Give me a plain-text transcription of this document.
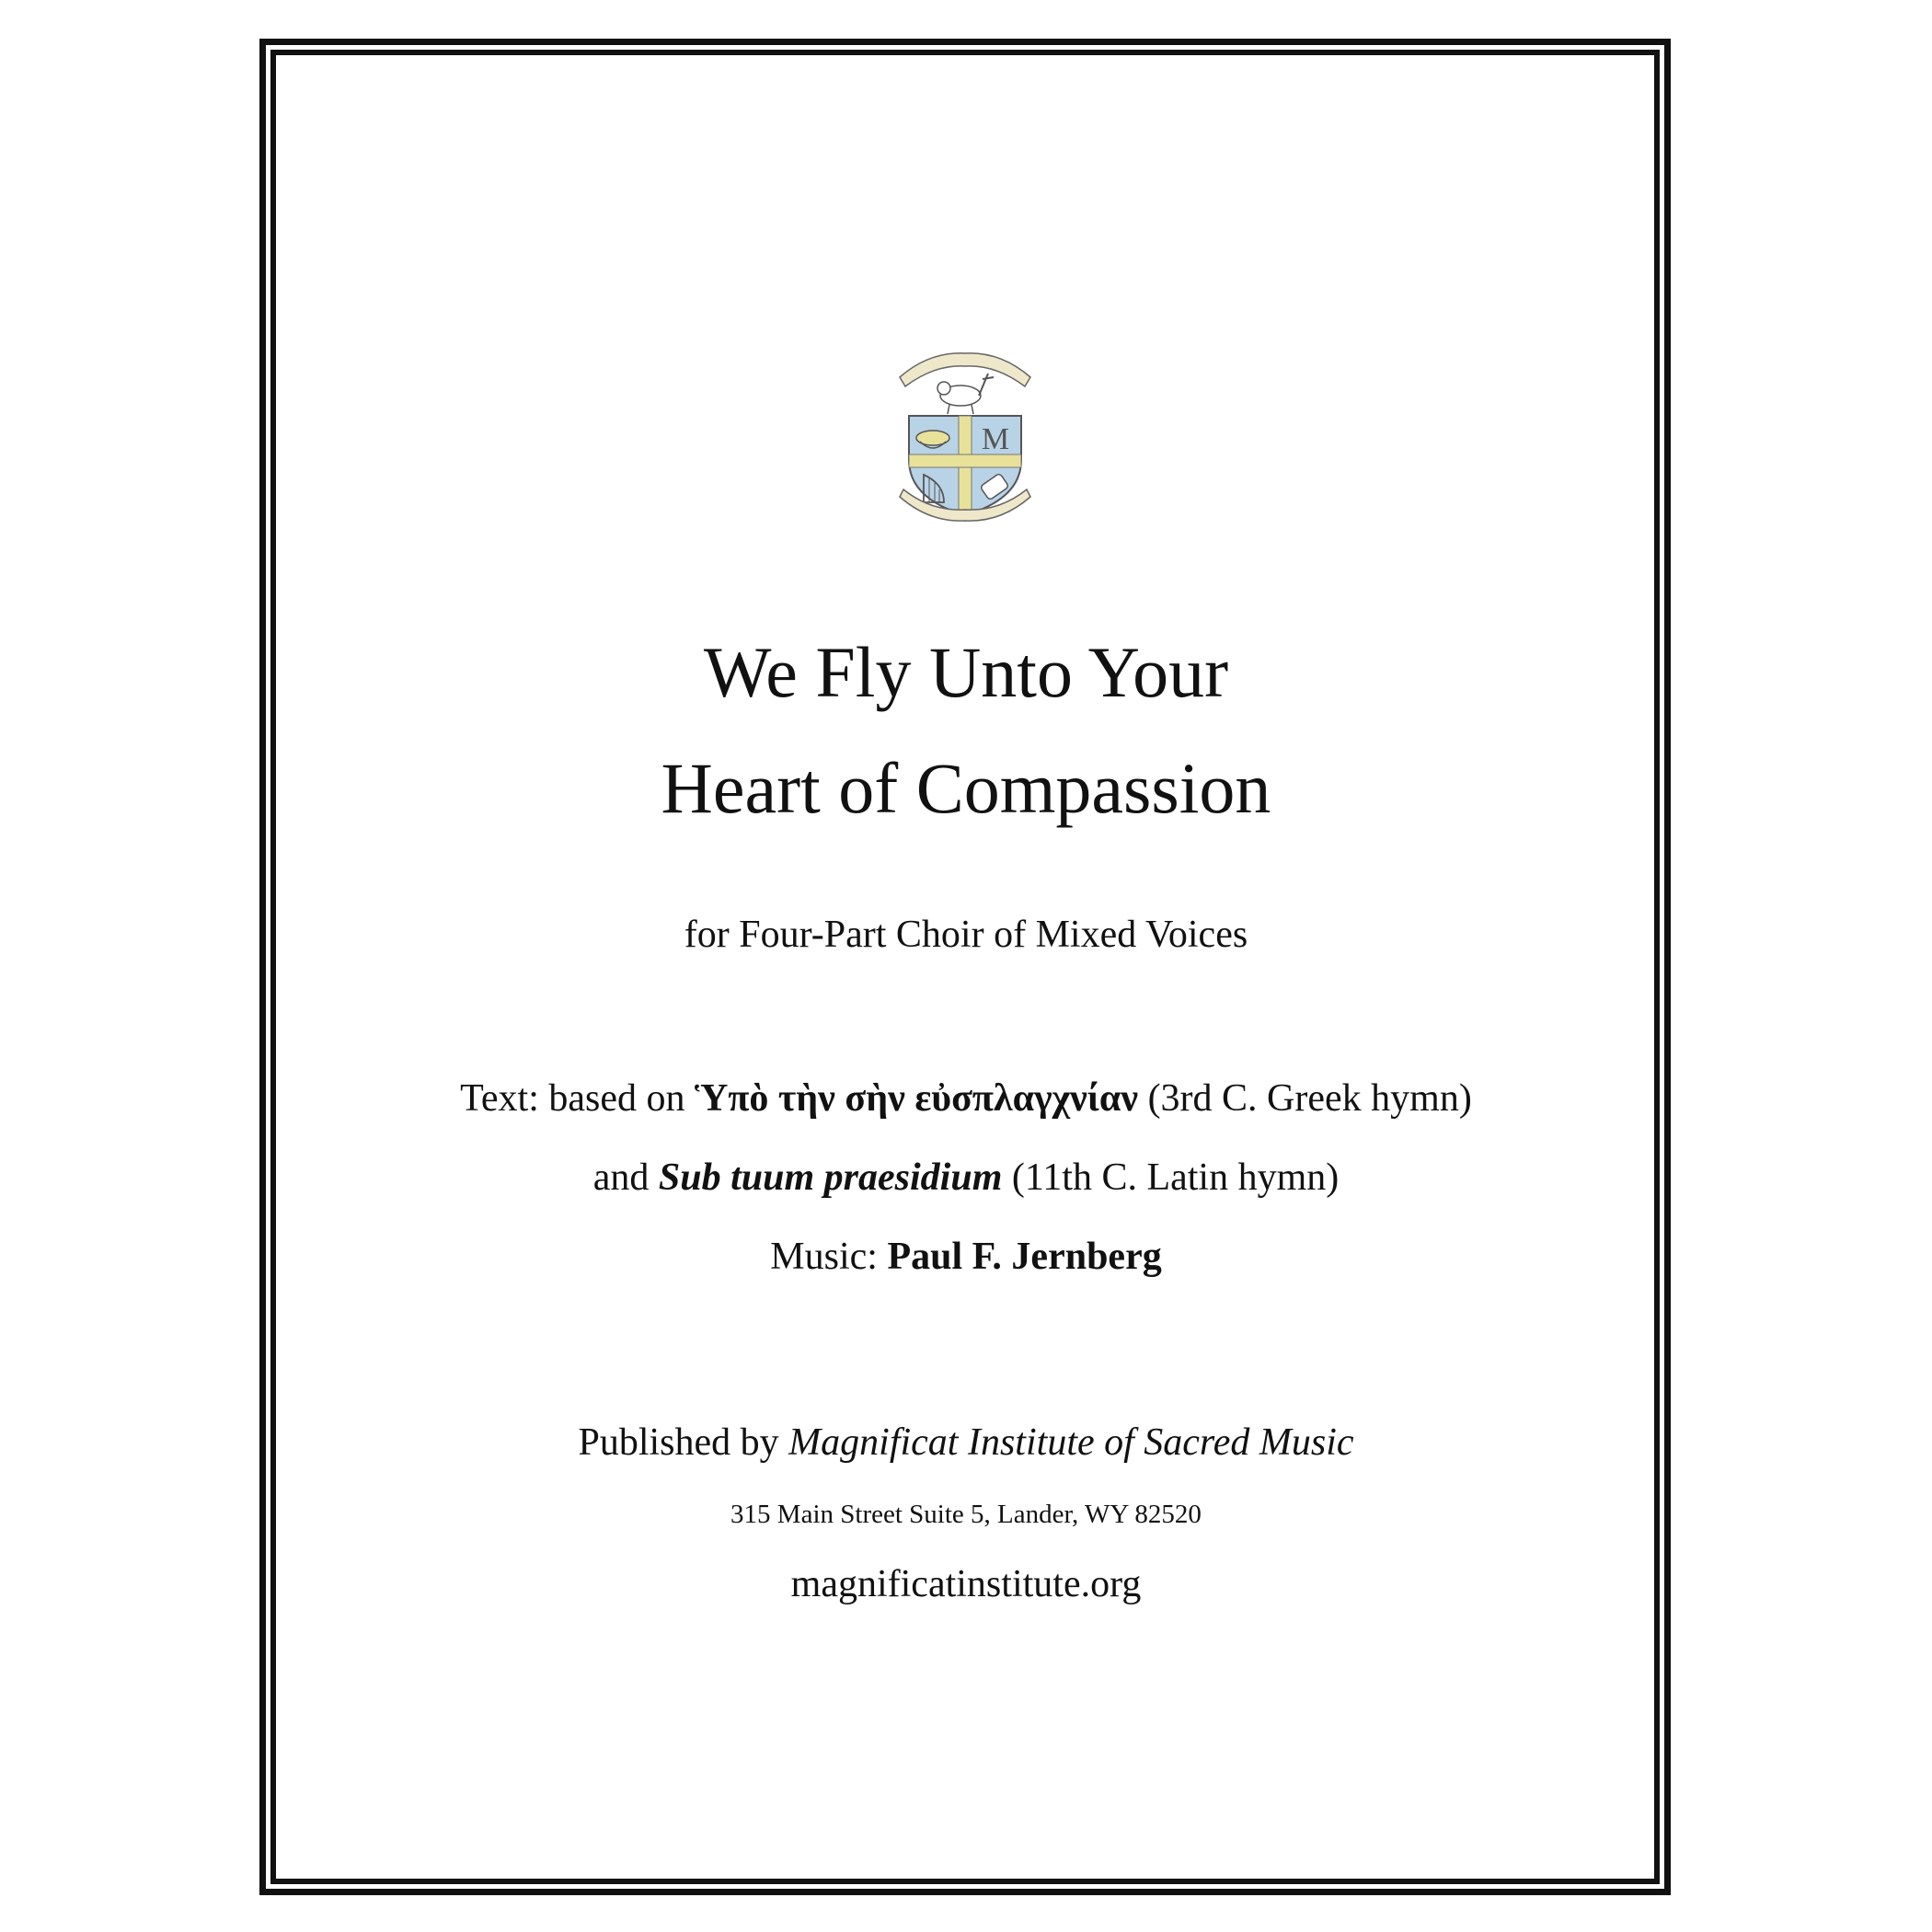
M
We Fly Unto Your
Heart of Compassion
for Four-Part Choir of Mixed Voices
Text: based on Ὑπὸ τὴν σὴν εὐσπλαγχνίαν (3rd C. Greek hymn)
and Sub tuum praesidium (11th C. Latin hymn)
Music: Paul F. Jernberg
Published by Magnificat Institute of Sacred Music
315 Main Street Suite 5, Lander, WY 82520
magnificatinstitute.org
